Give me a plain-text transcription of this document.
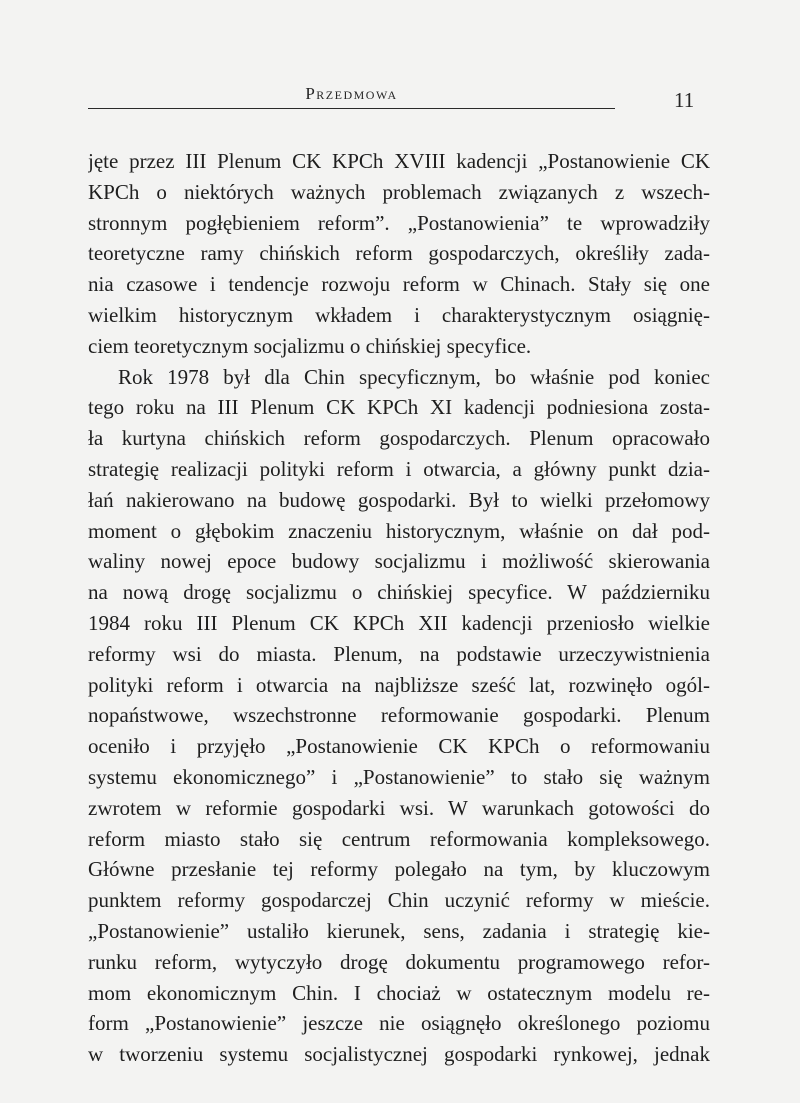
Przedmowa	11
jęte przez III Plenum CK KPCh XVIII kadencji „Postanowienie CK
KPCh o niektórych ważnych problemach związanych z wszech-
stronnym pogłębieniem reform”. „Postanowienia” te wprowadziły
teoretyczne ramy chińskich reform gospodarczych, określiły zada-
nia czasowe i tendencje rozwoju reform w Chinach. Stały się one
wielkim historycznym wkładem i charakterystycznym osiągnię-
ciem teoretycznym socjalizmu o chińskiej specyfice.
Rok 1978 był dla Chin specyficznym, bo właśnie pod koniec
tego roku na III Plenum CK KPCh XI kadencji podniesiona zosta-
ła kurtyna chińskich reform gospodarczych. Plenum opracowało
strategię realizacji polityki reform i otwarcia, a główny punkt dzia-
łań nakierowano na budowę gospodarki. Był to wielki przełomowy
moment o głębokim znaczeniu historycznym, właśnie on dał pod-
waliny nowej epoce budowy socjalizmu i możliwość skierowania
na nową drogę socjalizmu o chińskiej specyfice. W październiku
1984 roku III Plenum CK KPCh XII kadencji przeniosło wielkie
reformy wsi do miasta. Plenum, na podstawie urzeczywistnienia
polityki reform i otwarcia na najbliższe sześć lat, rozwinęło ogól-
nopaństwowe, wszechstronne reformowanie gospodarki. Plenum
oceniło i przyjęło „Postanowienie CK KPCh o reformowaniu
systemu ekonomicznego” i „Postanowienie” to stało się ważnym
zwrotem w reformie gospodarki wsi. W warunkach gotowości do
reform miasto stało się centrum reformowania kompleksowego.
Główne przesłanie tej reformy polegało na tym, by kluczowym
punktem reformy gospodarczej Chin uczynić reformy w mieście.
„Postanowienie” ustaliło kierunek, sens, zadania i strategię kie-
runku reform, wytyczyło drogę dokumentu programowego refor-
mom ekonomicznym Chin. I chociaż w ostatecznym modelu re-
form „Postanowienie” jeszcze nie osiągnęło określonego poziomu
w tworzeniu systemu socjalistycznej gospodarki rynkowej, jednak
